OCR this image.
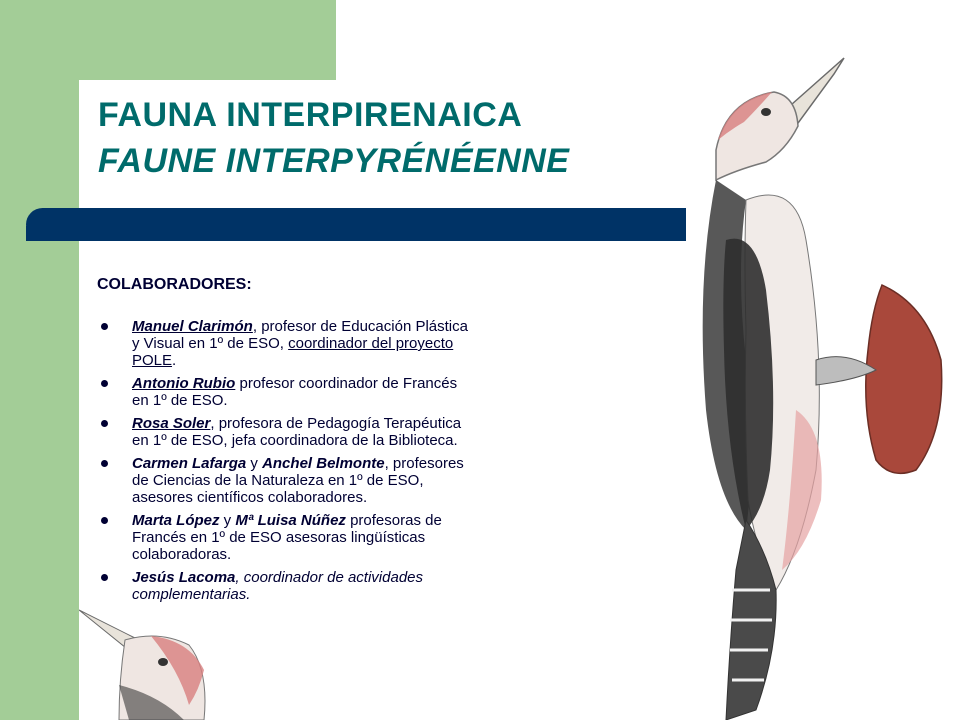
FAUNA INTERPIRENAICA
FAUNE INTERPYRÉNÉENNE
COLABORADORES:
Manuel Clarimón, profesor de Educación Plástica y Visual en 1º de ESO, coordinador del proyecto POLE.
Antonio Rubio profesor coordinador de Francés en 1º de ESO.
Rosa Soler, profesora de Pedagogía Terapéutica en 1º de ESO, jefa coordinadora de la Biblioteca.
Carmen Lafarga y Anchel Belmonte, profesores de Ciencias de la Naturaleza en 1º de ESO, asesores científicos colaboradores.
Marta López y Mª Luisa Núñez profesoras de Francés en 1º de ESO asesoras lingüísticas colaboradoras.
Jesús Lacoma, coordinador de actividades complementarias.
